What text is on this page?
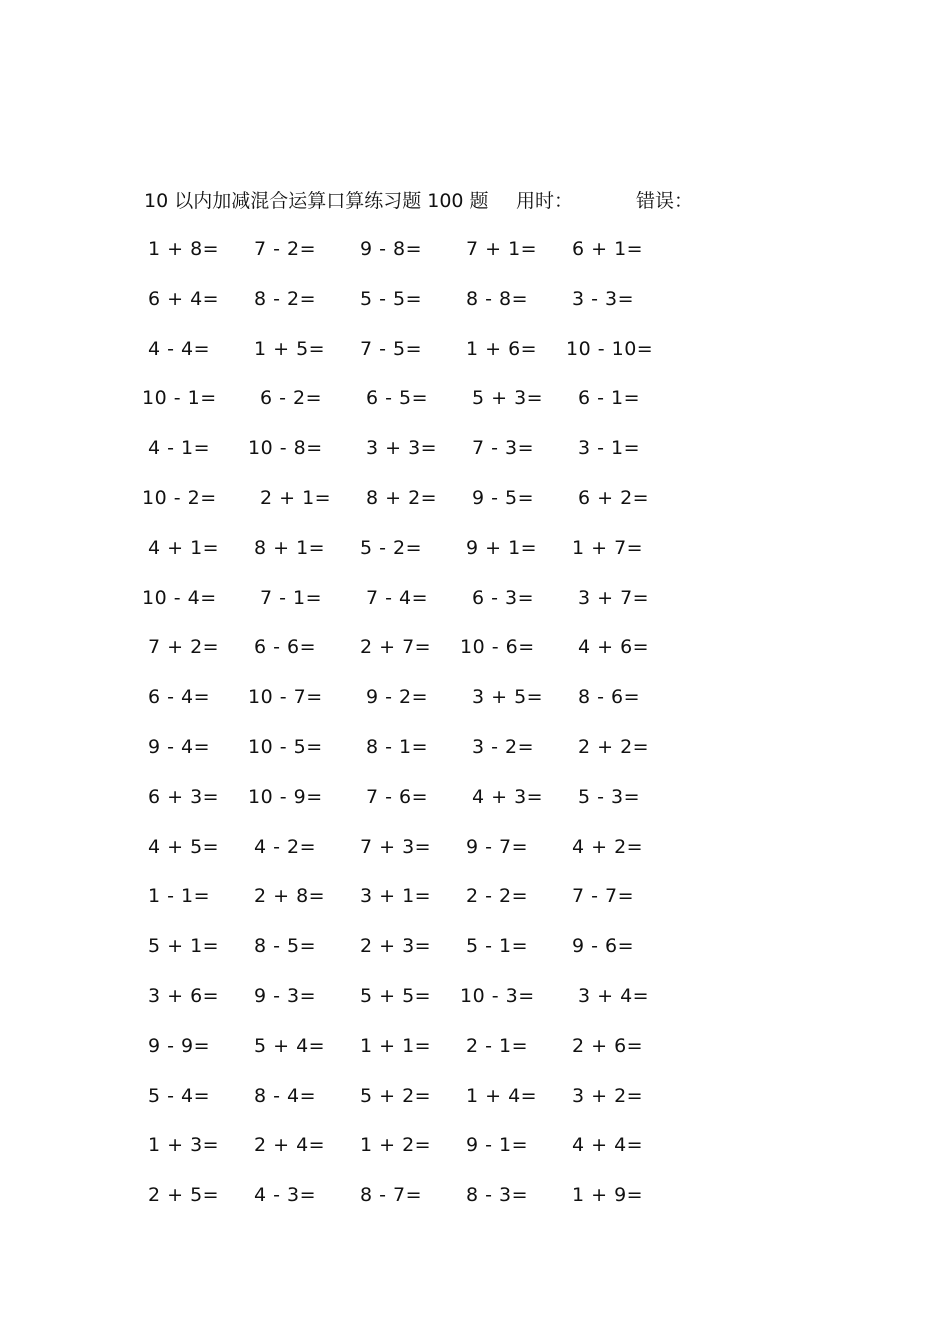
10 以内加减混合运算口算练习题 100 题 用时：	错误：
1 + 8= 7 - 2= 9 - 8= 7 + 1= 6 + 1=
6 + 4= 8 - 2= 5 - 5= 8 - 8= 3 - 3=
4 - 4= 1 + 5= 7 - 5= 1 + 6= 10 - 10=
10 - 1= 6 - 2= 6 - 5= 5 + 3= 6 - 1=
4 - 1= 10 - 8= 3 + 3= 7 - 3= 3 - 1=
10 - 2= 2 + 1= 8 + 2= 9 - 5= 6 + 2=
4 + 1= 8 + 1= 5 - 2= 9 + 1= 1 + 7=
10 - 4= 7 - 1= 7 - 4= 6 - 3= 3 + 7=
7 + 2= 6 - 6= 2 + 7= 10 - 6= 4 + 6=
6 - 4= 10 - 7= 9 - 2= 3 + 5= 8 - 6=
9 - 4= 10 - 5= 8 - 1= 3 - 2= 2 + 2=
6 + 3= 10 - 9= 7 - 6= 4 + 3= 5 - 3=
4 + 5= 4 - 2= 7 + 3= 9 - 7= 4 + 2=
1 - 1= 2 + 8= 3 + 1= 2 - 2= 7 - 7=
5 + 1= 8 - 5= 2 + 3= 5 - 1= 9 - 6=
3 + 6= 9 - 3= 5 + 5= 10 - 3= 3 + 4=
9 - 9= 5 + 4= 1 + 1= 2 - 1= 2 + 6=
5 - 4= 8 - 4= 5 + 2= 1 + 4= 3 + 2=
1 + 3= 2 + 4= 1 + 2= 9 - 1= 4 + 4=
2 + 5= 4 - 3= 8 - 7= 8 - 3= 1 + 9=
